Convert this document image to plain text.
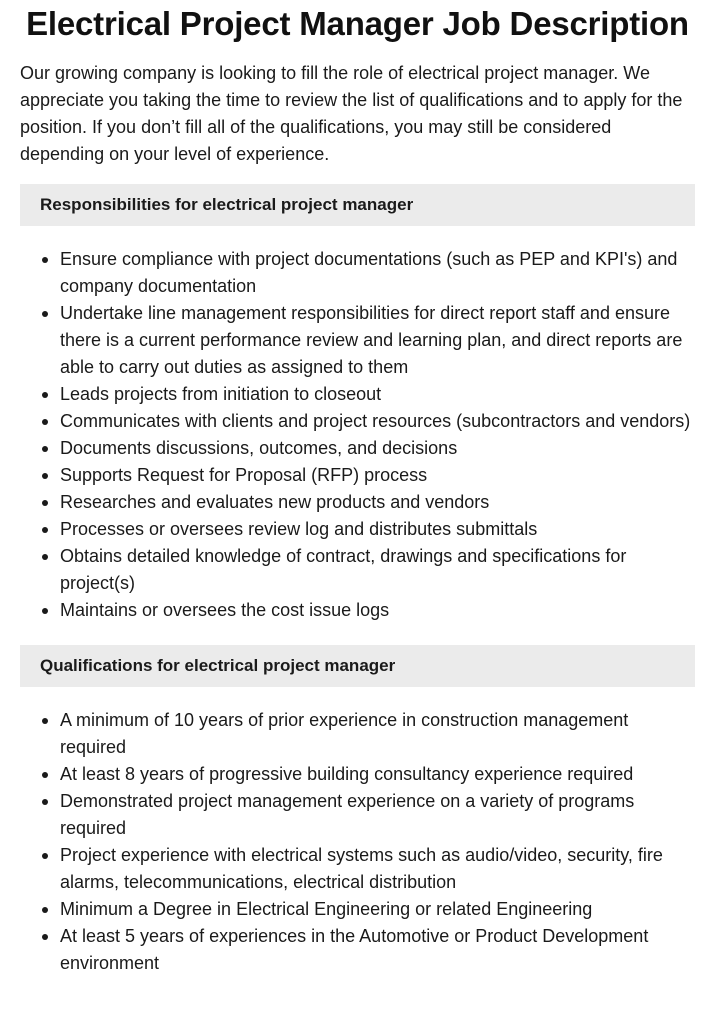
Electrical Project Manager Job Description

Our growing company is looking to fill the role of electrical project manager. We appreciate you taking the time to review the list of qualifications and to apply for the position. If you don’t fill all of the qualifications, you may still be considered depending on your level of experience.

Responsibilities for electrical project manager
Ensure compliance with project documentations (such as PEP and KPI's) and company documentation
Undertake line management responsibilities for direct report staff and ensure there is a current performance review and learning plan, and direct reports are able to carry out duties as assigned to them
Leads projects from initiation to closeout
Communicates with clients and project resources (subcontractors and vendors)
Documents discussions, outcomes, and decisions
Supports Request for Proposal (RFP) process
Researches and evaluates new products and vendors
Processes or oversees review log and distributes submittals
Obtains detailed knowledge of contract, drawings and specifications for project(s)
Maintains or oversees the cost issue logs
Qualifications for electrical project manager
A minimum of 10 years of prior experience in construction management required
At least 8 years of progressive building consultancy experience required
Demonstrated project management experience on a variety of programs required
Project experience with electrical systems such as audio/video, security, fire alarms, telecommunications, electrical distribution
Minimum a Degree in Electrical Engineering or related Engineering
At least 5 years of experiences in the Automotive or Product Development environment
